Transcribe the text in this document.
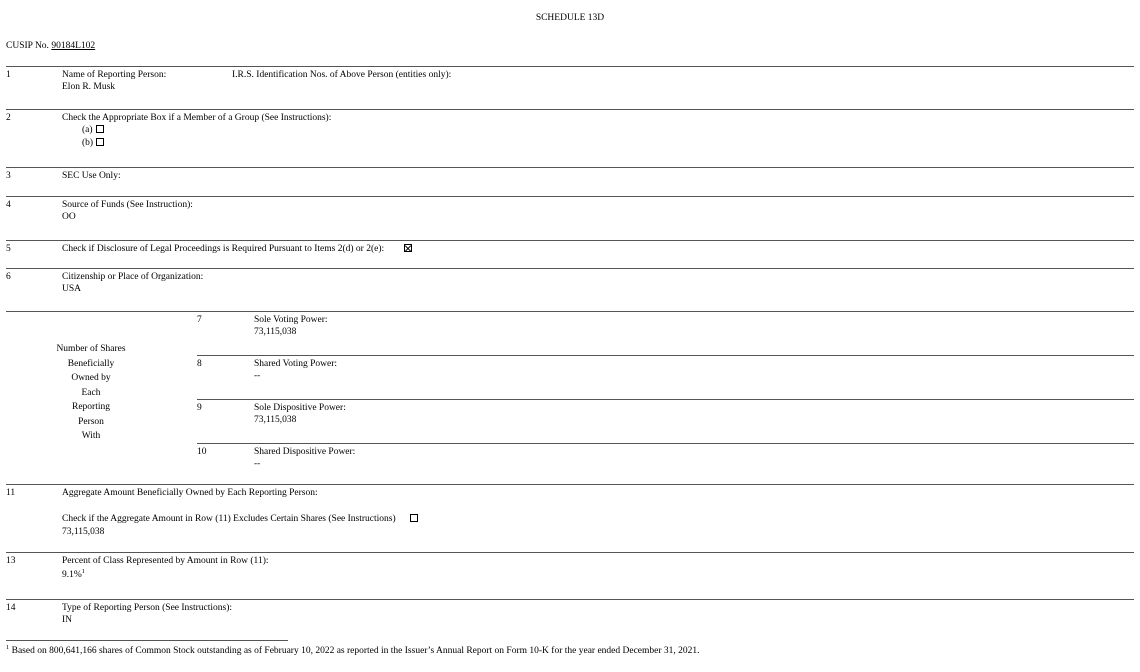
SCHEDULE 13D
CUSIP No. 90184L102
1	Name of Reporting Person:
Elon R. Musk
I.R.S. Identification Nos. of Above Person (entities only):
2	Check the Appropriate Box if a Member of a Group (See Instructions):
(a)
(b)
3	SEC Use Only:
4	Source of Funds (See Instruction):
OO
5	Check if Disclosure of Legal Proceedings is Required Pursuant to Items 2(d) or 2(e):
6	Citizenship or Place of Organization:
USA
Number of Shares
Beneficially
Owned by
Each
Reporting
Person
With
7	Sole Voting Power:
73,115,038
8	Shared Voting Power:
--
9	Sole Dispositive Power:
73,115,038
10	Shared Dispositive Power:
--
11	Aggregate Amount Beneficially Owned by Each Reporting Person:
Check if the Aggregate Amount in Row (11) Excludes Certain Shares (See Instructions)
73,115,038
13	Percent of Class Represented by Amount in Row (11):
9.1%$^1$
14	Type of Reporting Person (See Instructions):
IN
$^1$ Based on 800,641,166 shares of Common Stock outstanding as of February 10, 2022 as reported in the Issuer’s Annual Report on Form 10-K for the year ended December 31, 2021.
